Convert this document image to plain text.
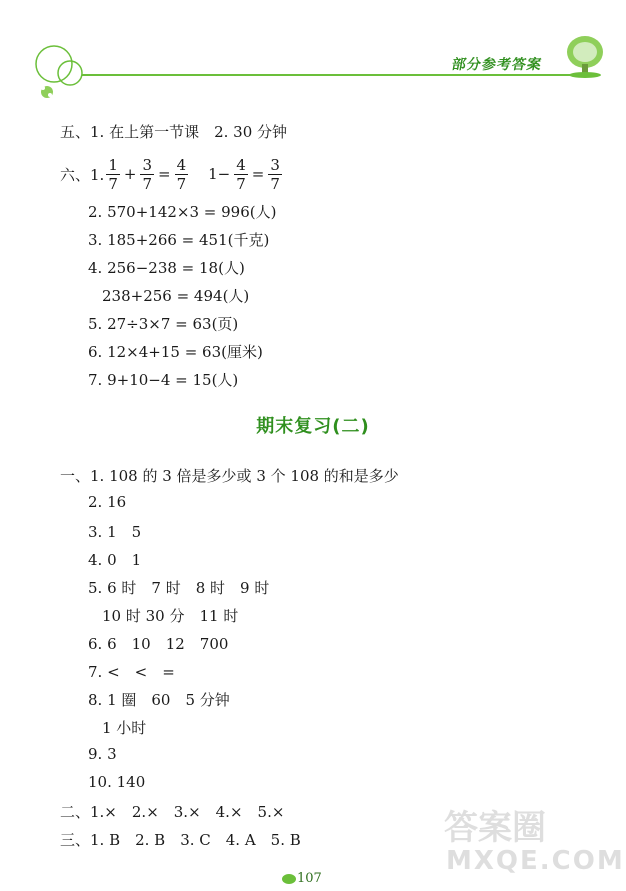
部分参考答案
五、1. 在上第一节课　2. 30 分钟
六、1. $\frac{1}{7} + \frac{3}{7} = \frac{4}{7} 1- \frac{4}{7} = \frac{3}{7}$
2. 570+142×3 = 996(人)
3. 185+266 = 451(千克)
4. 256−238 = 18(人)
238+256 = 494(人)
5. 27÷3×7 = 63(页)
6. 12×4+15 = 63(厘米)
7. 9+10−4 = 15(人)
期末复习(二)
一、1. 108 的 3 倍是多少或 3 个 108 的和是多少
2. 16
3. 1　5
4. 0　1
5. 6 时　7 时　8 时　9 时
10 时 30 分　11 时
6. 6　10　12　700
7. <　<　=
8. 1 圈　60　5 分钟
1 小时
9. 3
10. 140
二、1.×　2.×　3.×　4.×　5.×
三、1. B　2. B　3. C　4. A　5. B	答案圈
MXQE.COM
107
